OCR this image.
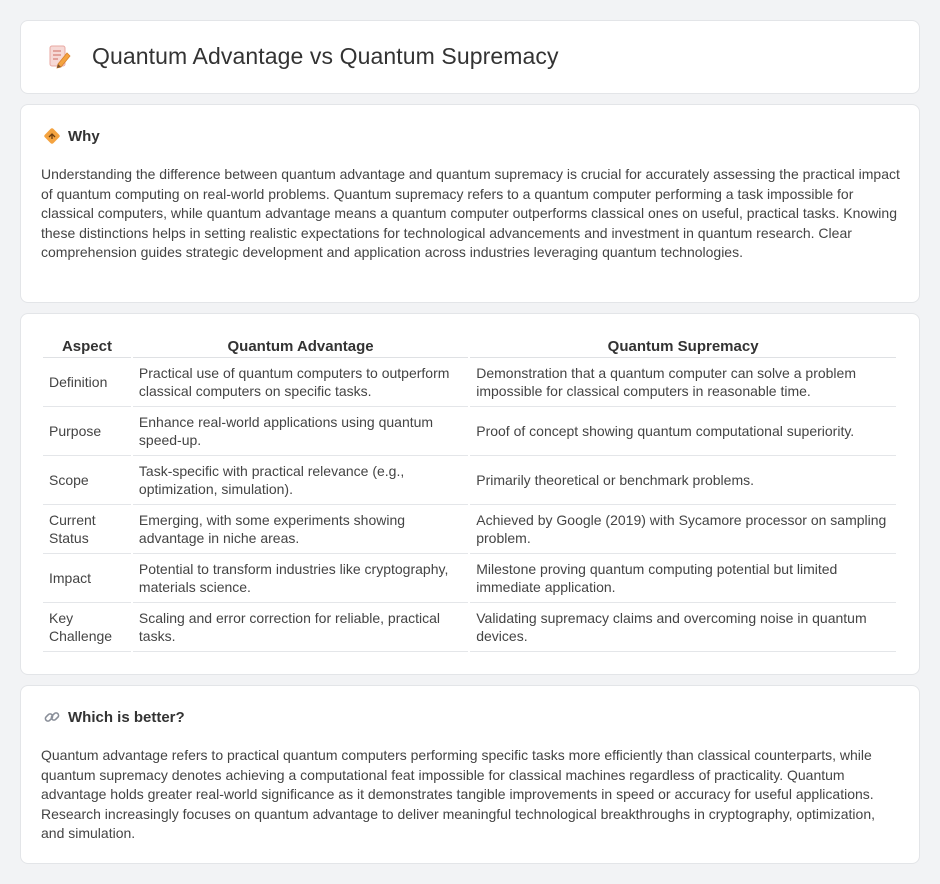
Quantum Advantage vs Quantum Supremacy
Why

Understanding the difference between quantum advantage and quantum supremacy is crucial for accurately assessing the practical impact of quantum computing on real-world problems. Quantum supremacy refers to a quantum computer performing a task impossible for classical computers, while quantum advantage means a quantum computer outperforms classical ones on useful, practical tasks. Knowing these distinctions helps in setting realistic expectations for technological advancements and investment in quantum research. Clear comprehension guides strategic development and application across industries leveraging quantum technologies.

Aspect	Quantum Advantage	Quantum Supremacy
Definition	Practical use of quantum computers to outperform classical computers on specific tasks.	Demonstration that a quantum computer can solve a problem impossible for classical computers in reasonable time.
Purpose	Enhance real-world applications using quantum speed-up.	Proof of concept showing quantum computational superiority.
Scope	Task-specific with practical relevance (e.g., optimization, simulation).	Primarily theoretical or benchmark problems.
Current Status	Emerging, with some experiments showing advantage in niche areas.	Achieved by Google (2019) with Sycamore processor on sampling problem.
Impact	Potential to transform industries like cryptography, materials science.	Milestone proving quantum computing potential but limited immediate application.
Key Challenge	Scaling and error correction for reliable, practical tasks.	Validating supremacy claims and overcoming noise in quantum devices.
Which is better?

Quantum advantage refers to practical quantum computers performing specific tasks more efficiently than classical counterparts, while quantum supremacy denotes achieving a computational feat impossible for classical machines regardless of practicality. Quantum advantage holds greater real-world significance as it demonstrates tangible improvements in speed or accuracy for useful applications. Research increasingly focuses on quantum advantage to deliver meaningful technological breakthroughs in cryptography, optimization, and simulation.
